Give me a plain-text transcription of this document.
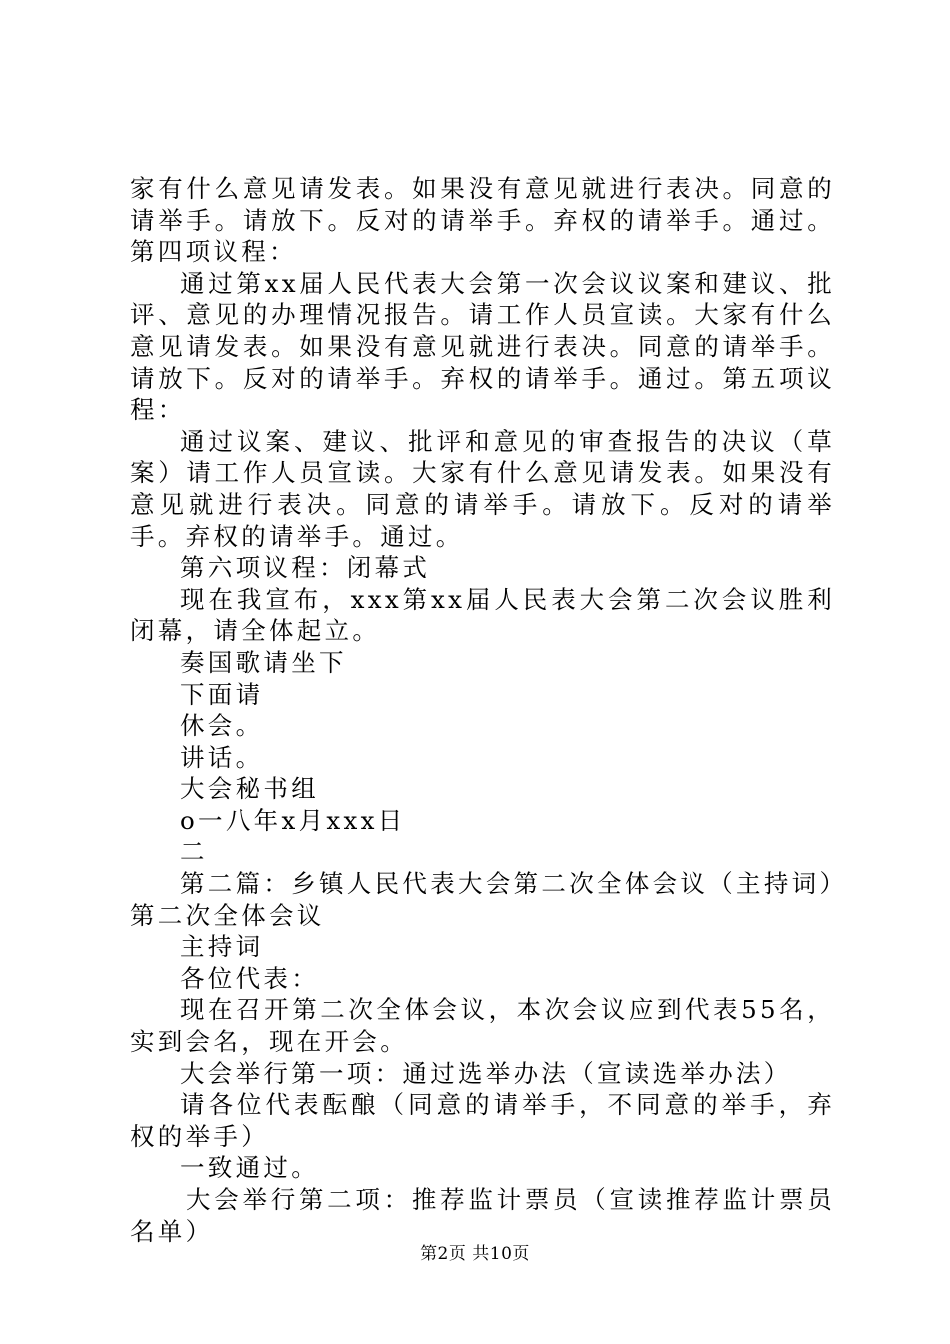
家有什么意见请发表。如果没有意见就进行表决。同意的请举手。请放下。反对的请举手。弃权的请举手。通过。第四项议程：

通过第xx届人民代表大会第一次会议议案和建议、批评、意见的办理情况报告。请工作人员宣读。大家有什么意见请发表。如果没有意见就进行表决。同意的请举手。请放下。反对的请举手。弃权的请举手。通过。第五项议程：

通过议案、建议、批评和意见的审查报告的决议（草案）请工作人员宣读。大家有什么意见请发表。如果没有意见就进行表决。同意的请举手。请放下。反对的请举手。弃权的请举手。通过。

第六项议程：闭幕式

现在我宣布，xxx第xx届人民表大会第二次会议胜利闭幕，请全体起立。

奏国歌请坐下

下面请

休会。

讲话。

大会秘书组

o一八年x月xxx日

二

第二篇：乡镇人民代表大会第二次全体会议（主持词）第二次全体会议

主持词

各位代表：

现在召开第二次全体会议，本次会议应到代表55名，实到会名，现在开会。

大会举行第一项：通过选举办法（宣读选举办法）

请各位代表酝酿（同意的请举手，不同意的举手，弃权的举手）

一致通过。

大会举行第二项：推荐监计票员（宣读推荐监计票员名单）

第2页 共10页
